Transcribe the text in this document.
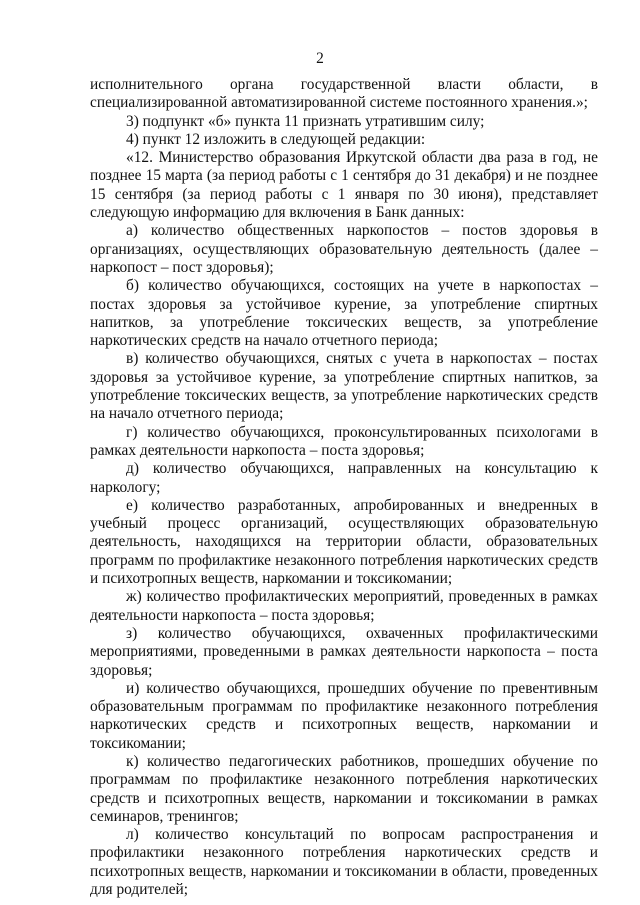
2

исполнительного органа государственной власти области, в специализированной автоматизированной системе постоянного хранения.»;

3) подпункт «б» пункта 11 признать утратившим силу;

4) пункт 12 изложить в следующей редакции:

«12. Министерство образования Иркутской области два раза в год, не позднее 15 марта (за период работы с 1 сентября до 31 декабря) и не позднее 15 сентября (за период работы с 1 января по 30 июня), представляет следующую информацию для включения в Банк данных:

а) количество общественных наркопостов – постов здоровья в организациях, осуществляющих образовательную деятельность (далее – наркопост – пост здоровья);

б) количество обучающихся, состоящих на учете в наркопостах – постах здоровья за устойчивое курение, за употребление спиртных напитков, за употребление токсических веществ, за употребление наркотических средств на начало отчетного периода;

в) количество обучающихся, снятых с учета в наркопостах – постах здоровья за устойчивое курение, за употребление спиртных напитков, за употребление токсических веществ, за употребление наркотических средств на начало отчетного периода;

г) количество обучающихся, проконсультированных психологами в рамках деятельности наркопоста – поста здоровья;

д) количество обучающихся, направленных на консультацию к наркологу;

е) количество разработанных, апробированных и внедренных в учебный процесс организаций, осуществляющих образовательную деятельность, находящихся на территории области, образовательных программ по профилактике незаконного потребления наркотических средств и психотропных веществ, наркомании и токсикомании;

ж) количество профилактических мероприятий, проведенных в рамках деятельности наркопоста – поста здоровья;

з) количество обучающихся, охваченных профилактическими мероприятиями, проведенными в рамках деятельности наркопоста – поста здоровья;

и) количество обучающихся, прошедших обучение по превентивным образовательным программам по профилактике незаконного потребления наркотических средств и психотропных веществ, наркомании и токсикомании;

к) количество педагогических работников, прошедших обучение по программам по профилактике незаконного потребления наркотических средств и психотропных веществ, наркомании и токсикомании в рамках семинаров, тренингов;

л) количество консультаций по вопросам распространения и профилактики незаконного потребления наркотических средств и психотропных веществ, наркомании и токсикомании в области, проведенных для родителей;
